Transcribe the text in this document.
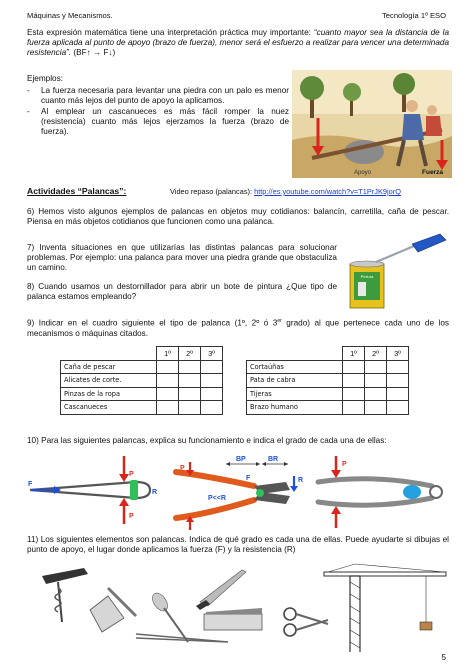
Máquinas y Mecanismos.	Tecnología 1º ESO
Esta expresión matemática tiene una interpretación práctica muy importante: “cuanto mayor sea la distancia de la fuerza aplicada al punto de apoyo (brazo de fuerza), menor será el esfuerzo a realizar para vencer una determinada resistencia”. (BF↑ → F↓)
Ejemplos:
-	La fuerza necesaria para levantar una piedra con un palo es menor cuanto más lejos del punto de apoyo la aplicamos.
-	Al emplear un cascanueces es más fácil romper la nuez (resistencia) cuanto más lejos ejerzamos la fuerza (brazo de fuerza).
Apoyo	Fuerza
Actividades “Palancas”:	Video repaso (palancas): http://es.youtube.com/watch?v=T1PrJK9jorQ
6) Hemos visto algunos ejemplos de palancas en objetos muy cotidianos: balancín, carretilla, caña de pescar. Piensa en más objetos cotidianos que funcionen como una palanca.
7) Inventa situaciones en que utilizarías las distintas palancas para solucionar problemas. Por ejemplo: una palanca para mover una piedra grande que obstaculiza un camino.
Pintura
8) Cuando usamos un destornillador para abrir un bote de pintura ¿Que tipo de palanca estamos empleando?
9) Indicar en el cuadro siguiente el tipo de palanca (1º, 2º ó 3er grado) al que pertenece cada uno de los mecanismos o máquinas citados.
	1º	2º	3º
Caña de pescar			
Alicates de corte.			
Pinzas de la ropa			
Cascanueces			
	1º	2º	3º
Cortaúñas			
Pata de cabra			
Tijeras			
Brazo humano			
10) Para las siguientes palancas, explica su funcionamiento e indica el grado de cada una de ellas:
P
P
F
R
BP	BR
P
R
F
P<<R
P
11) Los siguientes elementos son palancas. Indica de qué grado es cada una de ellas. Puede ayudarte si dibujas el punto de apoyo, el lugar donde aplicamos la fuerza (F) y la resistencia (R)
5
